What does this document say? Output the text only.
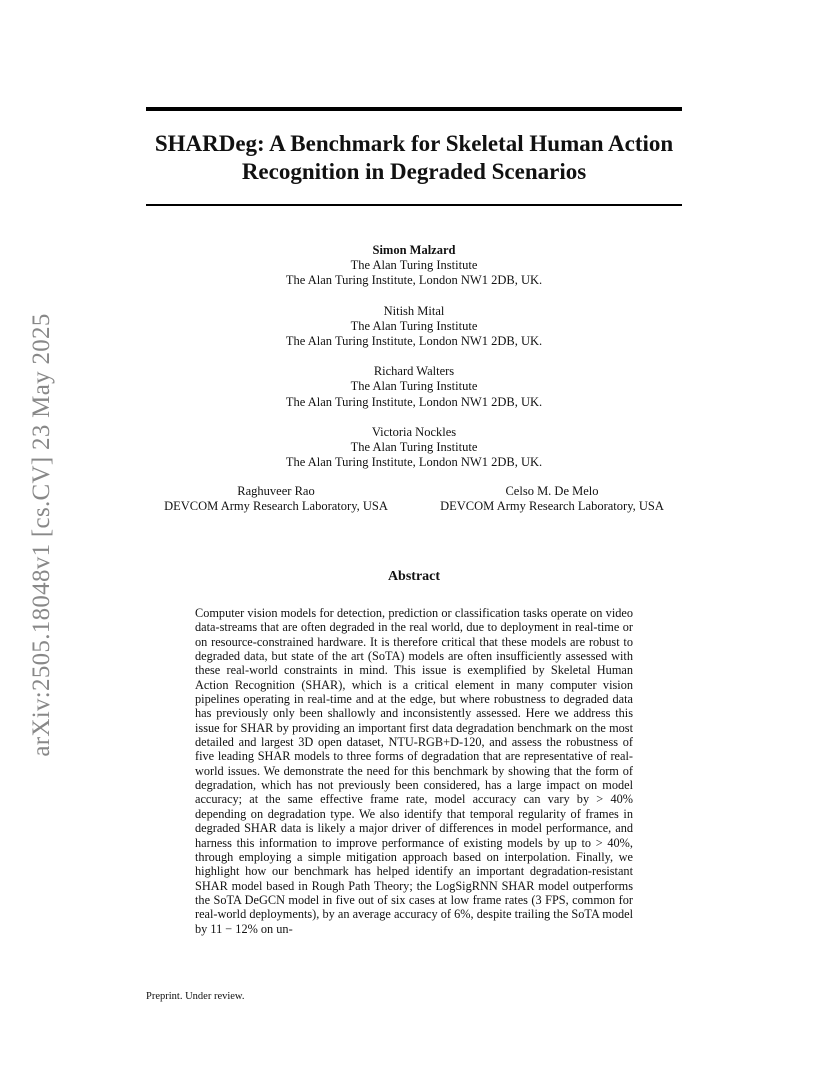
arXiv:2505.18048v1 [cs.CV] 23 May 2025
SHARDeg: A Benchmark for Skeletal Human Action Recognition in Degraded Scenarios
Simon Malzard
The Alan Turing Institute
The Alan Turing Institute, London NW1 2DB, UK.
Nitish Mital
The Alan Turing Institute
The Alan Turing Institute, London NW1 2DB, UK.
Richard Walters
The Alan Turing Institute
The Alan Turing Institute, London NW1 2DB, UK.
Victoria Nockles
The Alan Turing Institute
The Alan Turing Institute, London NW1 2DB, UK.
Raghuveer Rao
DEVCOM Army Research Laboratory, USA
Celso M. De Melo
DEVCOM Army Research Laboratory, USA
Abstract
Computer vision models for detection, prediction or classification tasks operate on video data-streams that are often degraded in the real world, due to deployment in real-time or on resource-constrained hardware. It is therefore critical that these models are robust to degraded data, but state of the art (SoTA) models are often insufficiently assessed with these real-world constraints in mind. This issue is exemplified by Skeletal Human Action Recognition (SHAR), which is a critical element in many computer vision pipelines operating in real-time and at the edge, but where robustness to degraded data has previously only been shallowly and inconsistently assessed. Here we address this issue for SHAR by providing an important first data degradation benchmark on the most detailed and largest 3D open dataset, NTU-RGB+D-120, and assess the robustness of five leading SHAR models to three forms of degradation that are representative of real-world issues. We demonstrate the need for this benchmark by showing that the form of degradation, which has not previously been considered, has a large impact on model accuracy; at the same effective frame rate, model accuracy can vary by > 40% depending on degradation type. We also identify that temporal regularity of frames in degraded SHAR data is likely a major driver of differences in model performance, and harness this information to improve performance of existing models by up to > 40%, through employing a simple mitigation approach based on interpolation. Finally, we highlight how our benchmark has helped identify an important degradation-resistant SHAR model based in Rough Path Theory; the LogSigRNN SHAR model outperforms the SoTA DeGCN model in five out of six cases at low frame rates (3 FPS, common for real-world deployments), by an average accuracy of 6%, despite trailing the SoTA model by 11 − 12% on un-
Preprint. Under review.
